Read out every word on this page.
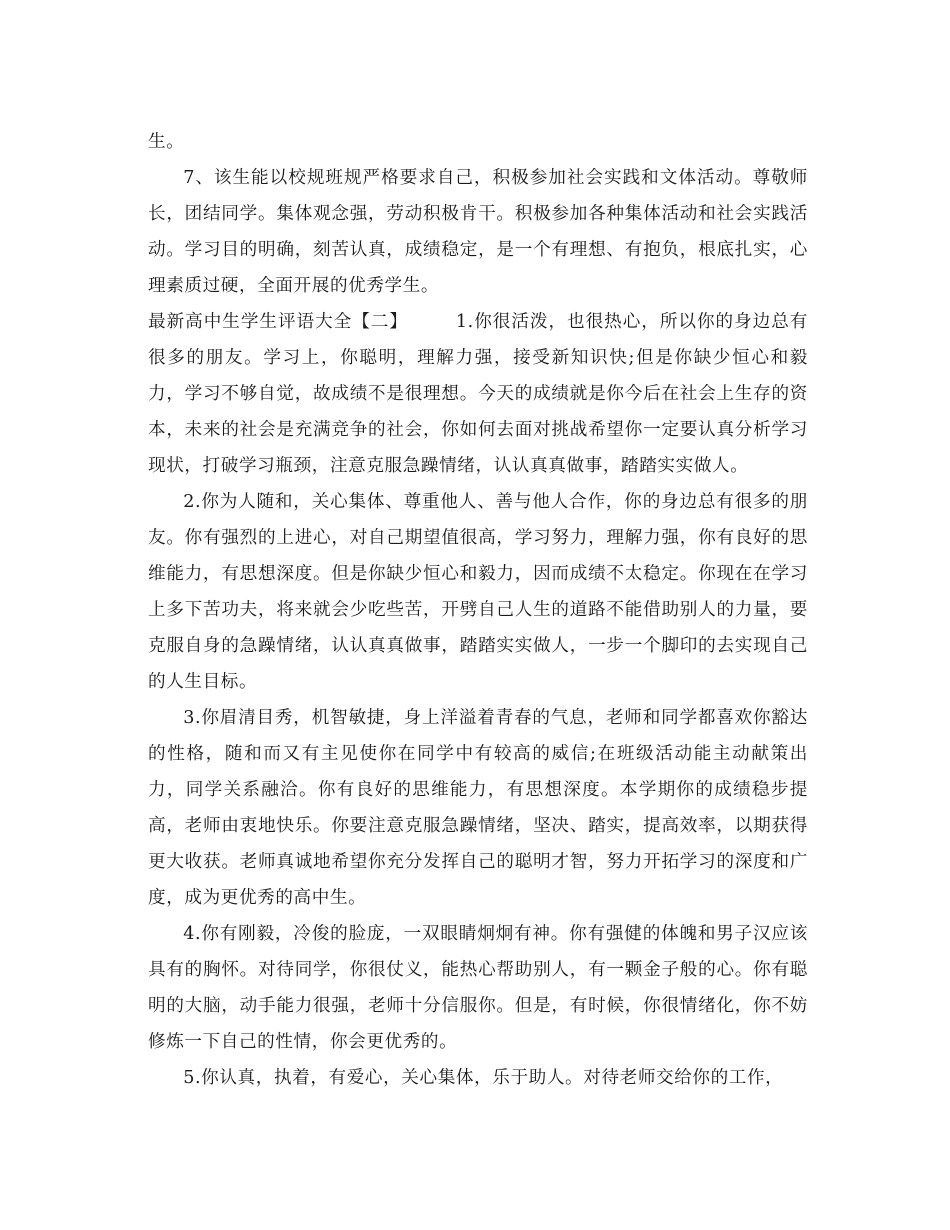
生。

7、该生能以校规班规严格要求自己，积极参加社会实践和文体活动。尊敬师长，团结同学。集体观念强，劳动积极肯干。积极参加各种集体活动和社会实践活动。学习目的明确，刻苦认真，成绩稳定，是一个有理想、有抱负，根底扎实，心理素质过硬，全面开展的优秀学生。

最新高中生学生评语大全【二】	1.你很活泼，也很热心，所以你的身边总有很多的朋友。学习上，你聪明，理解力强，接受新知识快;但是你缺少恒心和毅力，学习不够自觉，故成绩不是很理想。今天的成绩就是你今后在社会上生存的资本，未来的社会是充满竞争的社会，你如何去面对挑战希望你一定要认真分析学习现状，打破学习瓶颈，注意克服急躁情绪，认认真真做事，踏踏实实做人。

2.你为人随和，关心集体、尊重他人、善与他人合作，你的身边总有很多的朋友。你有强烈的上进心，对自己期望值很高，学习努力，理解力强，你有良好的思维能力，有思想深度。但是你缺少恒心和毅力，因而成绩不太稳定。你现在在学习上多下苦功夫，将来就会少吃些苦，开劈自己人生的道路不能借助别人的力量，要克服自身的急躁情绪，认认真真做事，踏踏实实做人，一步一个脚印的去实现自己的人生目标。

3.你眉清目秀，机智敏捷，身上洋溢着青春的气息，老师和同学都喜欢你豁达的性格，随和而又有主见使你在同学中有较高的威信;在班级活动能主动献策出力，同学关系融洽。你有良好的思维能力，有思想深度。本学期你的成绩稳步提高，老师由衷地快乐。你要注意克服急躁情绪，坚决、踏实，提高效率，以期获得更大收获。老师真诚地希望你充分发挥自己的聪明才智，努力开拓学习的深度和广度，成为更优秀的高中生。

4.你有刚毅，冷俊的脸庞，一双眼睛炯炯有神。你有强健的体魄和男子汉应该具有的胸怀。对待同学，你很仗义，能热心帮助别人，有一颗金子般的心。你有聪明的大脑，动手能力很强，老师十分信服你。但是，有时候，你很情绪化，你不妨修炼一下自己的性情，你会更优秀的。

5.你认真，执着，有爱心，关心集体，乐于助人。对待老师交给你的工作，
